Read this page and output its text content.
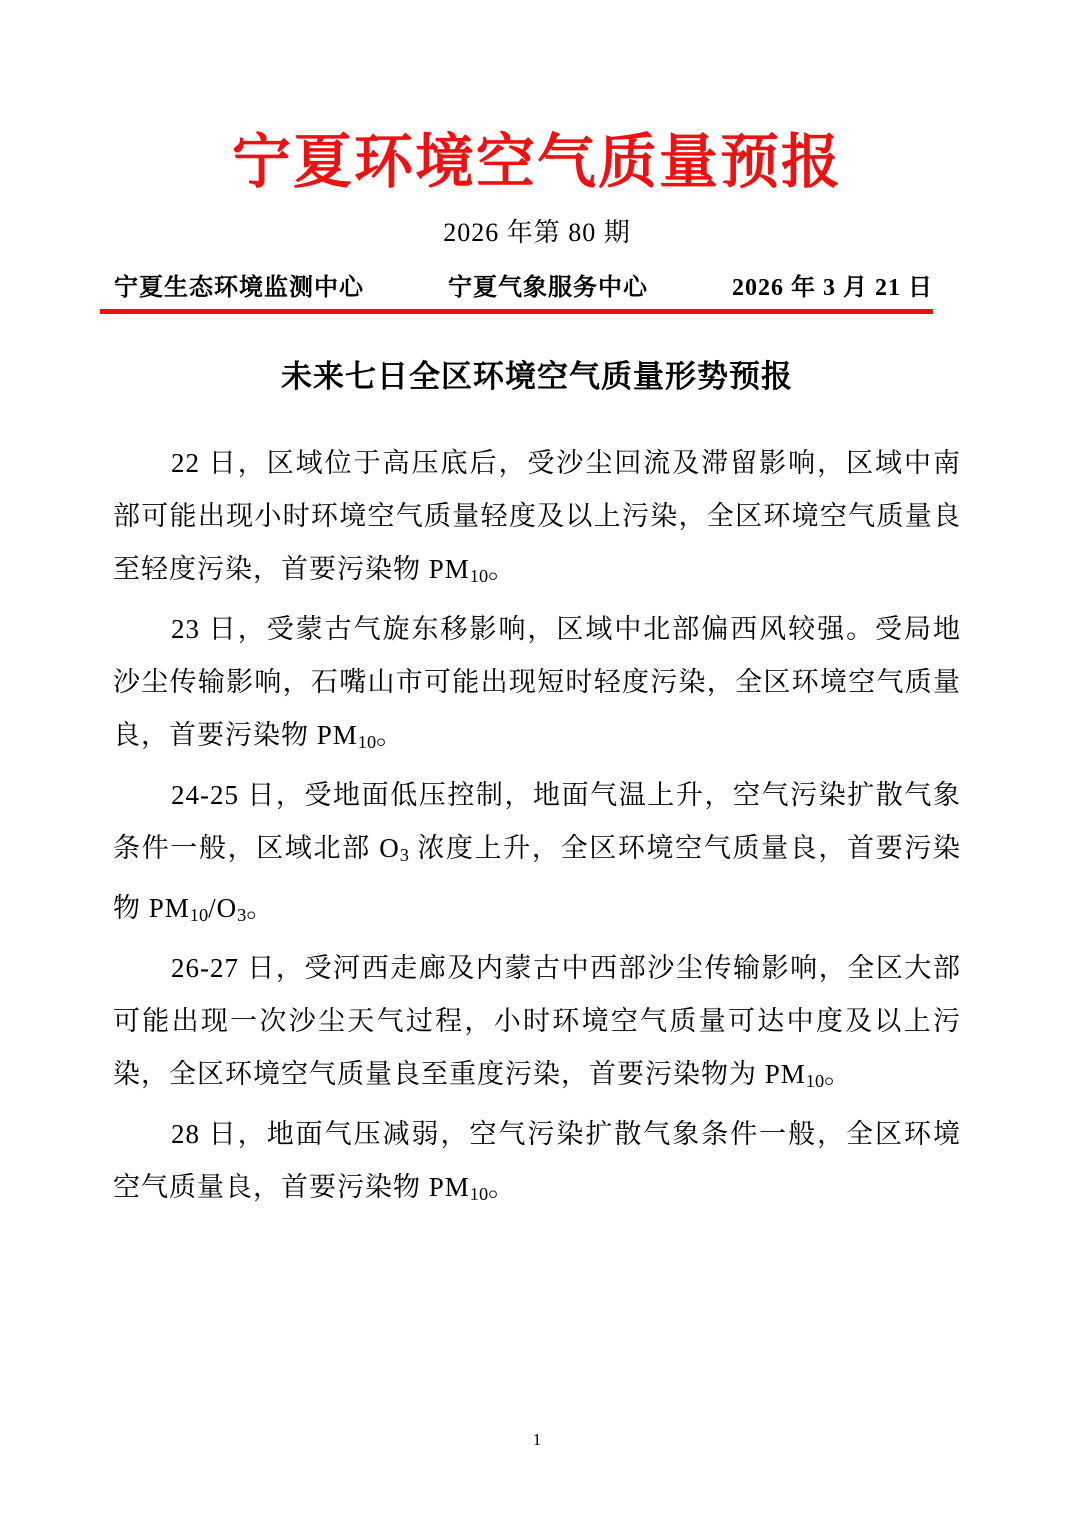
宁夏环境空气质量预报
2026 年第 80 期
宁夏生态环境监测中心	宁夏气象服务中心	2026 年 3 月 21 日
未来七日全区环境空气质量形势预报

22 日，区域位于高压底后，受沙尘回流及滞留影响，区域中南部可能出现小时环境空气质量轻度及以上污染，全区环境空气质量良至轻度污染，首要污染物 $PM_{10}$。

23 日，受蒙古气旋东移影响，区域中北部偏西风较强。受局地沙尘传输影响，石嘴山市可能出现短时轻度污染，全区环境空气质量良，首要污染物 $PM_{10}$。

24-25 日，受地面低压控制，地面气温上升，空气污染扩散气象条件一般，区域北部 $O_3$ 浓度上升，全区环境空气质量良，首要污染物 $PM_{10}/O_3$。

26-27 日，受河西走廊及内蒙古中西部沙尘传输影响，全区大部可能出现一次沙尘天气过程，小时环境空气质量可达中度及以上污染，全区环境空气质量良至重度污染，首要污染物为 $PM_{10}$。

28 日，地面气压减弱，空气污染扩散气象条件一般，全区环境空气质量良，首要污染物 $PM_{10}$。

1
